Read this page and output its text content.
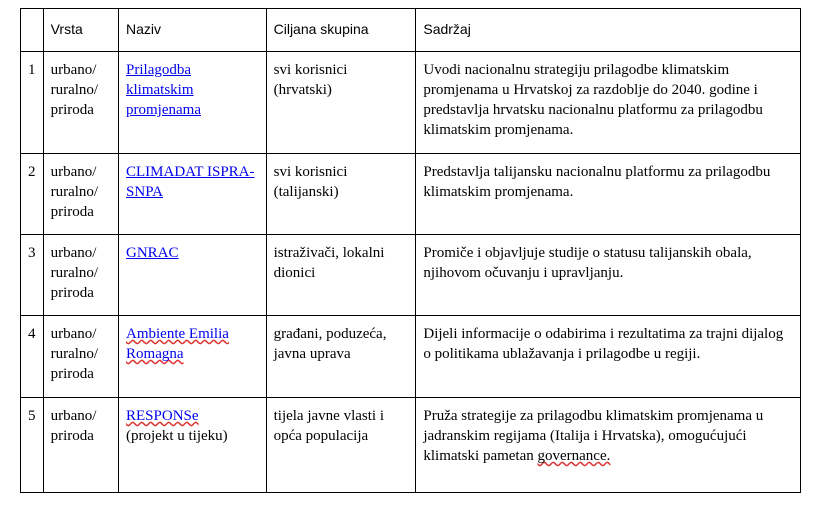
	Vrsta	Naziv	Ciljana skupina	Sadržaj
1	urbano/
ruralno/
priroda	Prilagodba klimatskim promjenama	svi korisnici (hrvatski)	Uvodi nacionalnu strategiju prilagodbe klimatskim promjenama u Hrvatskoj za razdoblje do 2040. godine i predstavlja hrvatsku nacionalnu platformu za prilagodbu klimatskim promjenama.
2	urbano/
ruralno/
priroda	CLIMADAT ISPRA-SNPA	svi korisnici (talijanski)	Predstavlja talijansku nacionalnu platformu za prilagodbu klimatskim promjenama.
3	urbano/
ruralno/
priroda	GNRAC	istraživači, lokalni dionici	Promiče i objavljuje studije o statusu talijanskih obala, njihovom očuvanju i upravljanju.
4	urbano/
ruralno/
priroda	Ambiente Emilia Romagna	građani, poduzeća, javna uprava	Dijeli informacije o odabirima i rezultatima za trajni dijalog o politikama ublažavanja i prilagodbe u regiji.
5	urbano/
priroda	RESPONSe
(projekt u tijeku)	tijela javne vlasti i opća populacija	Pruža strategije za prilagodbu klimatskim promjenama u jadranskim regijama (Italija i Hrvatska), omogućujući klimatski pametan governance.
